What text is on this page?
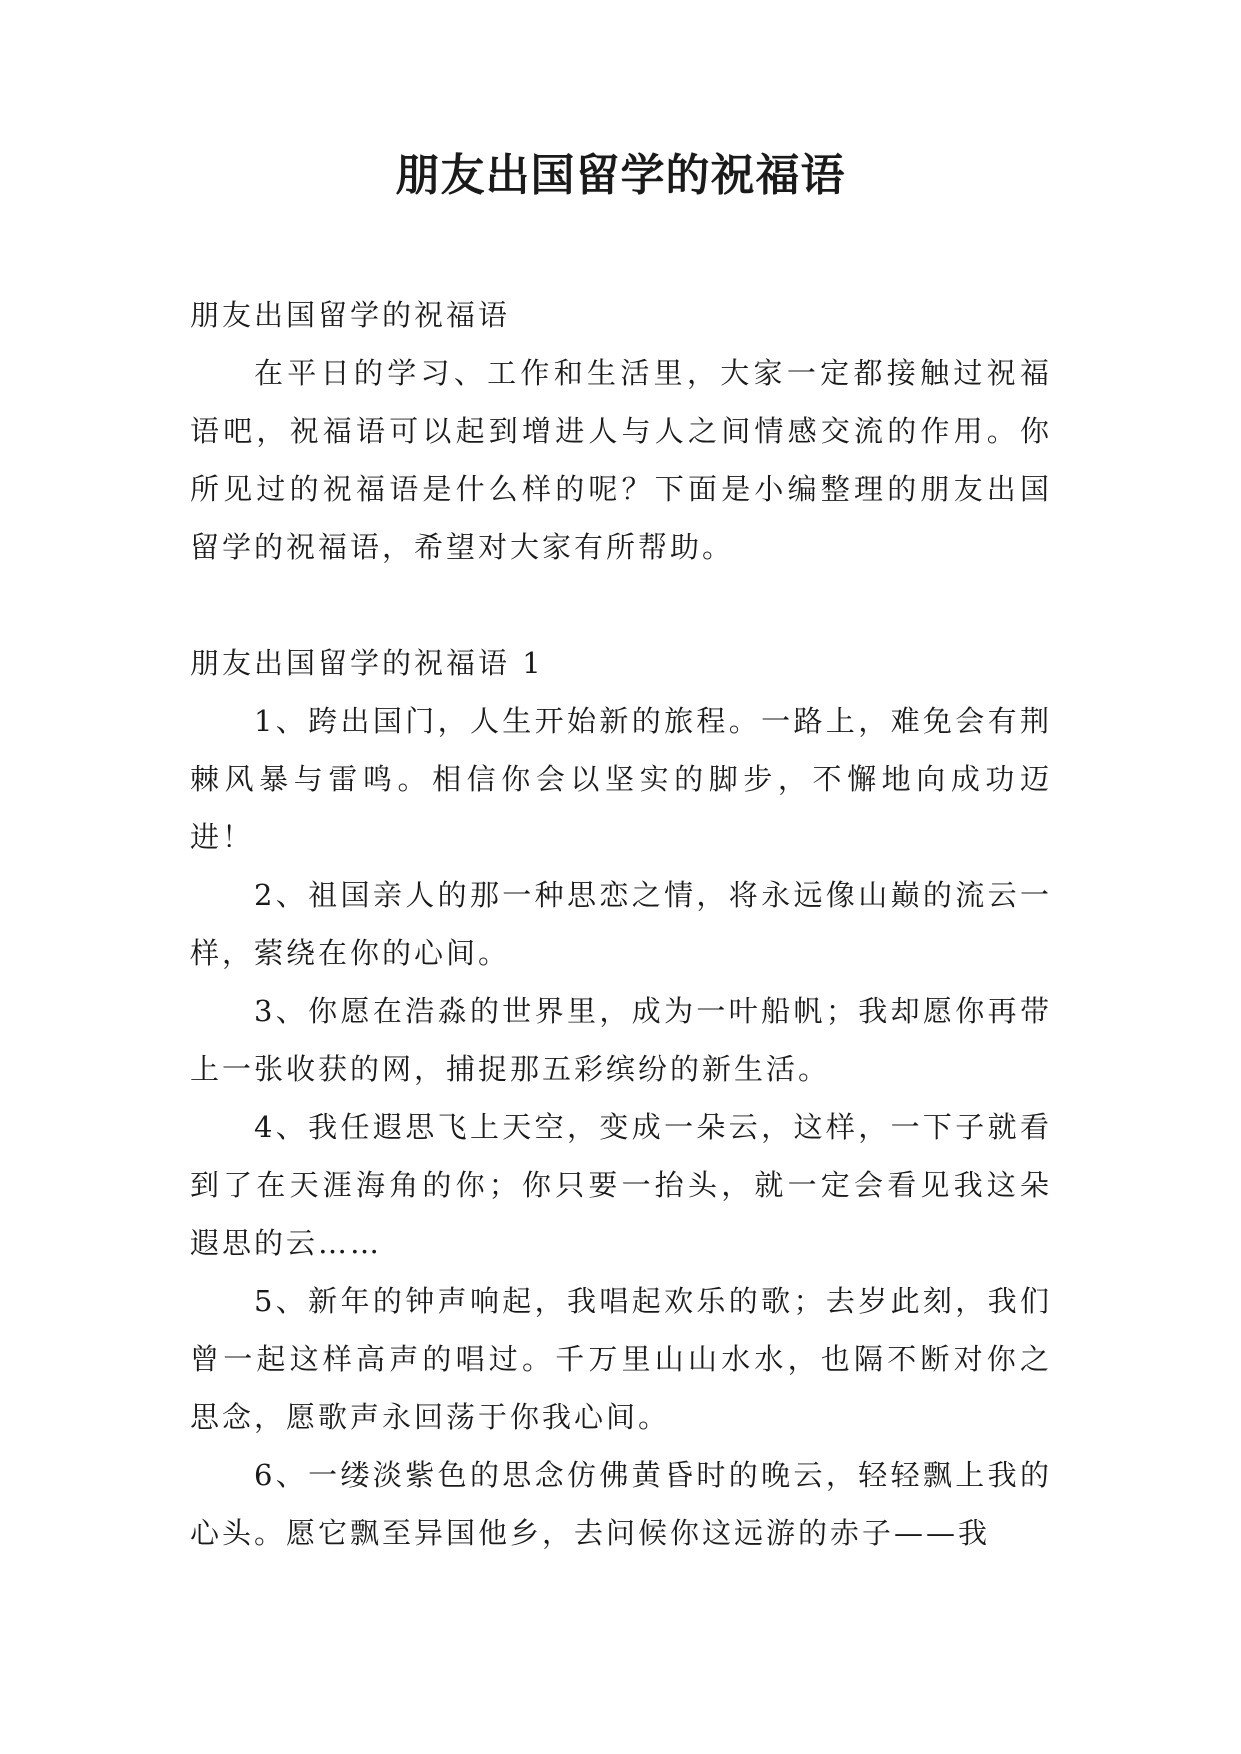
朋友出国留学的祝福语

朋友出国留学的祝福语

在平日的学习、工作和生活里，大家一定都接触过祝福语吧，祝福语可以起到增进人与人之间情感交流的作用。你所见过的祝福语是什么样的呢？下面是小编整理的朋友出国留学的祝福语，希望对大家有所帮助。

朋友出国留学的祝福语 1

1、跨出国门，人生开始新的旅程。一路上，难免会有荆棘风暴与雷鸣。相信你会以坚实的脚步，不懈地向成功迈进！

2、祖国亲人的那一种思恋之情，将永远像山巅的流云一样，萦绕在你的心间。

3、你愿在浩淼的世界里，成为一叶船帆；我却愿你再带上一张收获的网，捕捉那五彩缤纷的新生活。

4、我任遐思飞上天空，变成一朵云，这样，一下子就看到了在天涯海角的你；你只要一抬头，就一定会看见我这朵遐思的云……

5、新年的钟声响起，我唱起欢乐的歌；去岁此刻，我们曾一起这样高声的唱过。千万里山山水水，也隔不断对你之思念，愿歌声永回荡于你我心间。

6、一缕淡紫色的思念仿佛黄昏时的晚云，轻轻飘上我的心头。愿它飘至异国他乡，去问候你这远游的赤子——我
